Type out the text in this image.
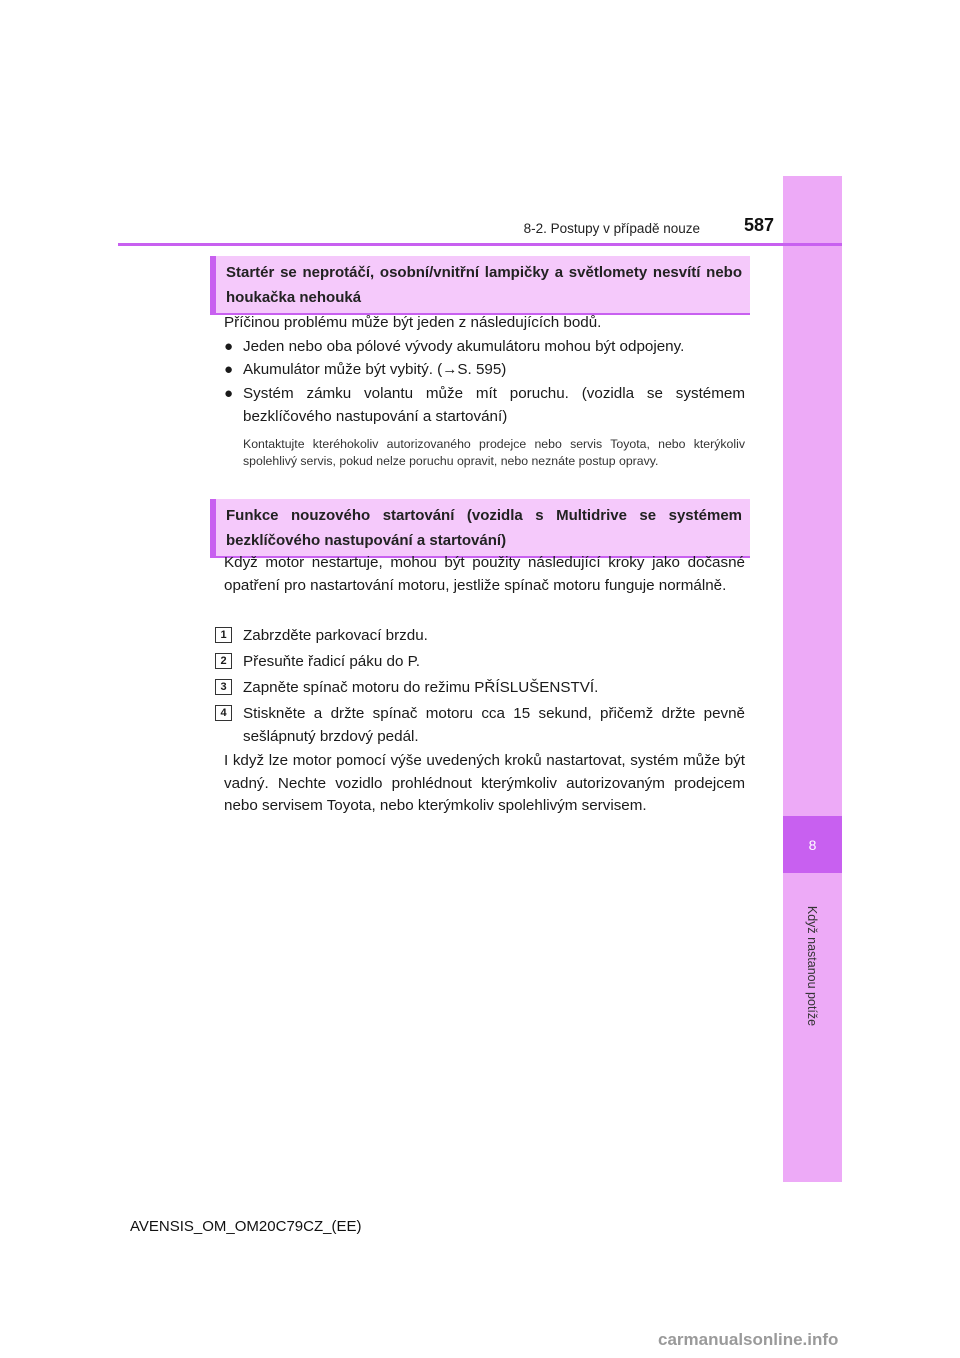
8
Když nastanou potíže
8-2. Postupy v případě nouze	587
Startér se neprotáčí, osobní/vnitřní lampičky a světlomety nesvítí nebo houkačka nehouká
Příčinou problému může být jeden z následujících bodů.
● Jeden nebo oba pólové vývody akumulátoru mohou být odpojeny.
● Akumulátor může být vybitý. (→S. 595)
● Systém zámku volantu může mít poruchu. (vozidla se systémem bezklíčového nastupování a startování)
Kontaktujte kteréhokoliv autorizovaného prodejce nebo servis Toyota, nebo kterýkoliv spolehlivý servis, pokud nelze poruchu opravit, nebo neznáte postup opravy.
Funkce nouzového startování (vozidla s Multidrive se systémem bezklíčového nastupování a startování)
Když motor nestartuje, mohou být použity následující kroky jako dočasné opatření pro nastartování motoru, jestliže spínač motoru funguje normálně.
1	Zabrzděte parkovací brzdu.
2	Přesuňte řadicí páku do P.
3	Zapněte spínač motoru do režimu PŘÍSLUŠENSTVÍ.
4	Stiskněte a držte spínač motoru cca 15 sekund, přičemž držte pevně sešlápnutý brzdový pedál.
I když lze motor pomocí výše uvedených kroků nastartovat, systém může být vadný. Nechte vozidlo prohlédnout kterýmkoliv autorizovaným prodejcem nebo servisem Toyota, nebo kterýmkoliv spolehlivým servisem.
AVENSIS_OM_OM20C79CZ_(EE)
carmanualsonline.info
